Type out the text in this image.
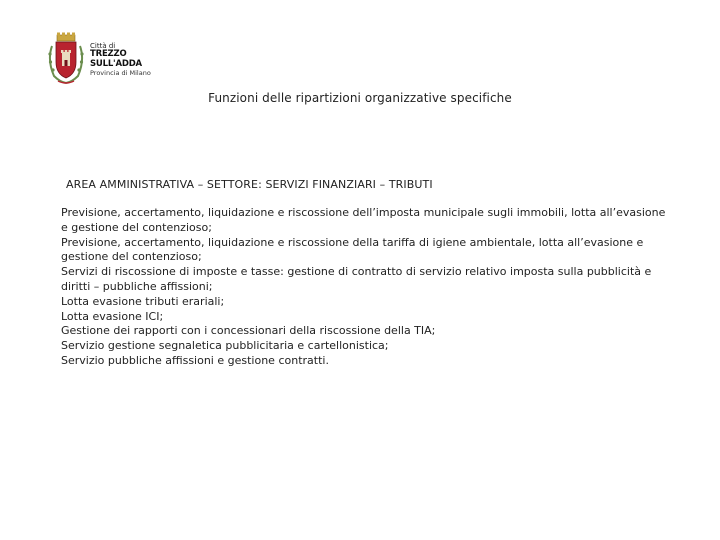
Città di
TREZZO SULL'ADDA
Provincia di Milano
Funzioni delle ripartizioni organizzative specifiche
AREA AMMINISTRATIVA – SETTORE: SERVIZI FINANZIARI – TRIBUTI
Previsione, accertamento, liquidazione e riscossione dell’imposta municipale sugli immobili, lotta all’evasione e gestione del contenzioso;
Previsione, accertamento, liquidazione e riscossione della tariffa di igiene ambientale, lotta all’evasione e gestione del contenzioso;
Servizi di riscossione di imposte e tasse: gestione di contratto di servizio relativo imposta sulla pubblicità e diritti – pubbliche affissioni;
Lotta evasione tributi erariali;
Lotta evasione ICI;
Gestione dei rapporti con i concessionari della riscossione della TIA;
Servizio gestione segnaletica pubblicitaria e cartellonistica;
Servizio pubbliche affissioni e gestione contratti.
